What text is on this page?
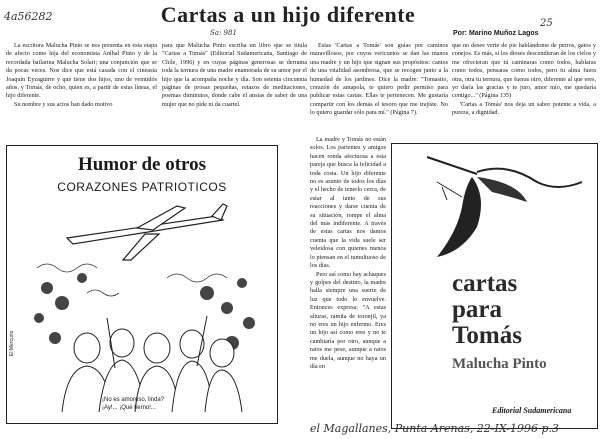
4a56282
Sa: 981
25
Cartas a un hijo diferente
Por: Marino Muñoz Lagos

La escritora Malucha Pinto se nos presenta en esta etapa de afecto como hija del economista Aníbal Pinto y de la recordada bailarina Malucha Solari; una conjunción que se da pocas veces. Nos dice que está casada con el cineasta Joaquín Eyzaguirre y que tiene dos hijos, uno de veintidós años, y Tomás, de ocho, quien es, a partir de estas líneas, el hijo diferente.

Su nombre y sus actos han dado motivo

para que Malucha Pinto escriba un libro que se titula "Cartas a Tomás" (Editorial Sudamericana, Santiago de Chile, 1996) y en cuyas páginas generosas se derrama toda la ternura de una madre enamorada de su amor por el hijo que la acompaña noche y día. Son setenta cincuenta páginas de prosas pequeñas, retazos de meditaciones, poemas diminutos, donde cabe el ansias de saber de una mujer que no pide ni da cuartel.

Estas 'Cartas a Tomás' son guías por caminos maravillosos, por cuyos vericuetos se dan las manos una madre y un hijo que signan sus propósitos: cantos de una vitalidad asombrosa, que se recogen junto a la humedad de los jardines. Dice la madre: "Tomasito, corazón de amapola, te quiero pedir permiso para publicar estas cartas. Ellas te pertenecen. Me gustaría compartir con los demás el tesoro que me trajiste. No lo quiero guardar sólo para mí." (Página 7).

La madre y Tomás no están solos. Los parientes y amigos hacen ronda afectuosa a esta pareja que busca la felicidad a toda costa. Un hijo diferente no es asunto de todos los días y el hecho de tenerlo cerca, de estar al tanto de sus reacciones y darse cuenta de su situación, rompe el alma del más indiferente. A través de estas cartas nos damos cuenta que la vida suele ser veleidosa con quienes menos lo piensan en el tumultuoso de los días.

Pero así como hay achaques y golpes del destino, la madre halla siempre una suerte de luz que todo lo envuelve. Entonces expresa: "A estas alturas, ramita de toronjil, ya no eres un hijo enfermo. Eres un hijo así como eres y no te cambiaría por otro, aunque a ratos me pese, aunque a ratos me duela, aunque no haya un día en

que no desee verte de pie hablándome de perros, gatos y conejos. Es más, si los dioses descendieran de los cielos y me ofrecieran que tú caminaras como todos, hablaras como todos, pensaras como todos, pero tu alma fuera otra, otra tu ternura, que fueras otro, diferente al que eres, yo daría las gracias y te juro, amor mío, me quedaría contigo..." (Página 135)

'Cartas a Tomás' nos deja un sabor potente a vida, a pureza, a dignidad.

Humor de otros
CORAZONES PATRIOTICOS
¡No es amoroso, linda?
¡Ay!... ¡Qué tierno!...
El Mercurio
cartas
para
Tomás
Malucha Pinto
Editorial Sudamericana
el Magallanes, Punta Arenas, 22-IX-1996 p.3
